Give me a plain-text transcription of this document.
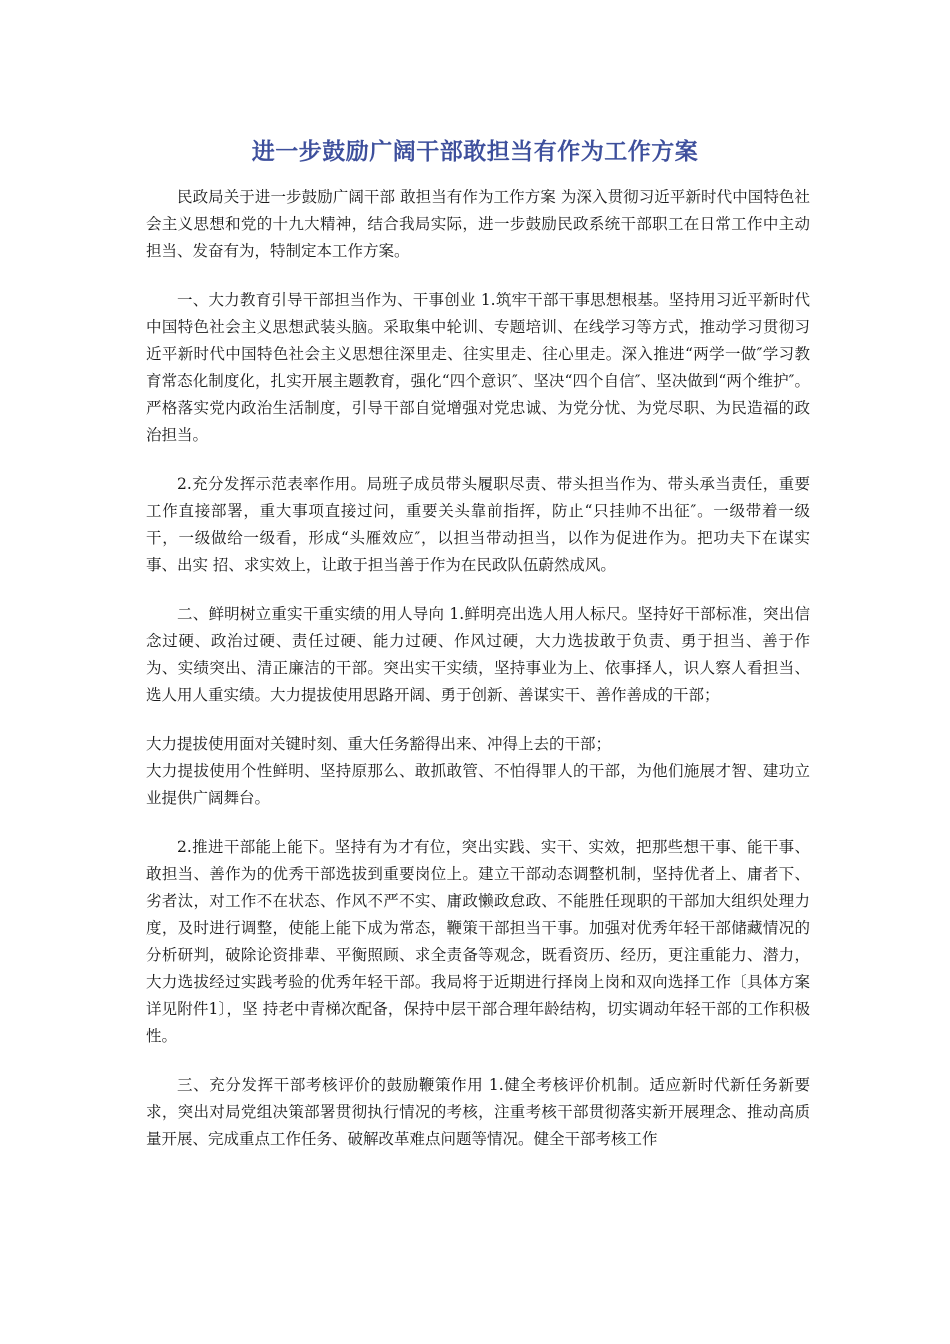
进一步鼓励广阔干部敢担当有作为工作方案

民政局关于进一步鼓励广阔干部 敢担当有作为工作方案 为深入贯彻习近平新时代中国特色社会主义思想和党的十九大精神，结合我局实际，进一步鼓励民政系统干部职工在日常工作中主动担当、发奋有为，特制定本工作方案。

一、大力教育引导干部担当作为、干事创业 1.筑牢干部干事思想根基。坚持用习近平新时代中国特色社会主义思想武装头脑。采取集中轮训、专题培训、在线学习等方式，推动学习贯彻习近平新时代中国特色社会主义思想往深里走、往实里走、往心里走。深入推进“两学一做″学习教育常态化制度化，扎实开展主题教育，强化“四个意识″、坚决“四个自信″、坚决做到“两个维护″。严格落实党内政治生活制度，引导干部自觉增强对党忠诚、为党分忧、为党尽职、为民造福的政治担当。

2.充分发挥示范表率作用。局班子成员带头履职尽责、带头担当作为、带头承当责任，重要工作直接部署，重大事项直接过问，重要关头靠前指挥，防止“只挂帅不出征″。一级带着一级干，一级做给一级看，形成“头雁效应″，以担当带动担当，以作为促进作为。把功夫下在谋实事、出实 招、求实效上，让敢于担当善于作为在民政队伍蔚然成风。

二、鲜明树立重实干重实绩的用人导向 1.鲜明亮出选人用人标尺。坚持好干部标准，突出信念过硬、政治过硬、责任过硬、能力过硬、作风过硬，大力选拔敢于负责、勇于担当、善于作为、实绩突出、清正廉洁的干部。突出实干实绩，坚持事业为上、依事择人，识人察人看担当、选人用人重实绩。大力提拔使用思路开阔、勇于创新、善谋实干、善作善成的干部；

大力提拔使用面对关键时刻、重大任务豁得出来、冲得上去的干部；

大力提拔使用个性鲜明、坚持原那么、敢抓敢管、不怕得罪人的干部，为他们施展才智、建功立业提供广阔舞台。

2.推进干部能上能下。坚持有为才有位，突出实践、实干、实效，把那些想干事、能干事、敢担当、善作为的优秀干部选拔到重要岗位上。建立干部动态调整机制，坚持优者上、庸者下、劣者汰，对工作不在状态、作风不严不实、庸政懒政怠政、不能胜任现职的干部加大组织处理力度，及时进行调整，使能上能下成为常态，鞭策干部担当干事。加强对优秀年轻干部储藏情况的分析研判，破除论资排辈、平衡照顾、求全责备等观念，既看资历、经历，更注重能力、潜力，大力选拔经过实践考验的优秀年轻干部。我局将于近期进行择岗上岗和双向选择工作〔具体方案详见附件1〕，坚 持老中青梯次配备，保持中层干部合理年龄结构，切实调动年轻干部的工作积极性。

三、充分发挥干部考核评价的鼓励鞭策作用 1.健全考核评价机制。适应新时代新任务新要求，突出对局党组决策部署贯彻执行情况的考核，注重考核干部贯彻落实新开展理念、推动高质量开展、完成重点工作任务、破解改革难点问题等情况。健全干部考核工作
